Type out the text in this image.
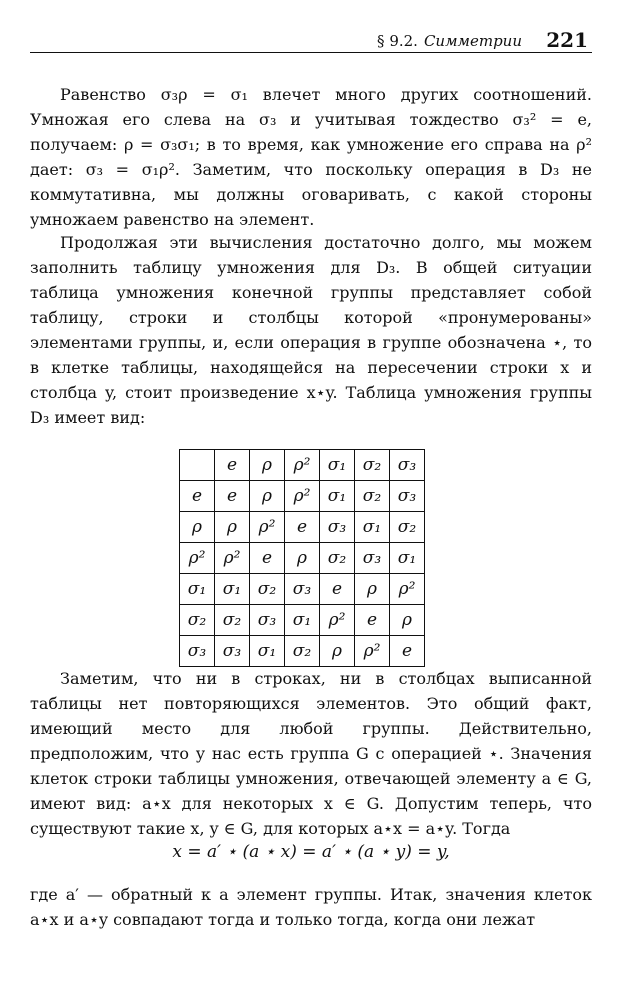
§ 9.2. Симметрии 221

Равенство σ₃ρ = σ₁ влечет много других соотношений. Умножая его слева на σ₃ и учитывая тождество σ₃² = e, получаем: ρ = σ₃σ₁; в то время, как умножение его справа на ρ² дает: σ₃ = σ₁ρ². Заметим, что поскольку операция в D₃ не коммутативна, мы должны оговаривать, с какой стороны умножаем равенство на элемент.

Продолжая эти вычисления достаточно долго, мы можем заполнить таблицу умножения для D₃. В общей ситуации таблица умножения конечной группы представляет собой таблицу, строки и столбцы которой «пронумерованы» элементами группы, и, если операция в группе обозначена ⋆, то в клетке таблицы, находящейся на пересечении строки x и столбца y, стоит произведение x⋆y. Таблица умножения группы D₃ имеет вид:

	e	ρ	ρ²	σ₁	σ₂	σ₃
e	e	ρ	ρ²	σ₁	σ₂	σ₃
ρ	ρ	ρ²	e	σ₃	σ₁	σ₂
ρ²	ρ²	e	ρ	σ₂	σ₃	σ₁
σ₁	σ₁	σ₂	σ₃	e	ρ	ρ²
σ₂	σ₂	σ₃	σ₁	ρ²	e	ρ
σ₃	σ₃	σ₁	σ₂	ρ	ρ²	e

Заметим, что ни в строках, ни в столбцах выписанной таблицы нет повторяющихся элементов. Это общий факт, имеющий место для любой группы. Действительно, предположим, что у нас есть группа G с операцией ⋆. Значения клеток строки таблицы умножения, отвечающей элементу a ∈ G, имеют вид: a⋆x для некоторых x ∈ G. Допустим теперь, что существуют такие x, y ∈ G, для которых a⋆x = a⋆y. Тогда

x = a′ ⋆ (a ⋆ x) = a′ ⋆ (a ⋆ y) = y,

где a′ — обратный к a элемент группы. Итак, значения клеток a⋆x и a⋆y совпадают тогда и только тогда, когда они лежат
